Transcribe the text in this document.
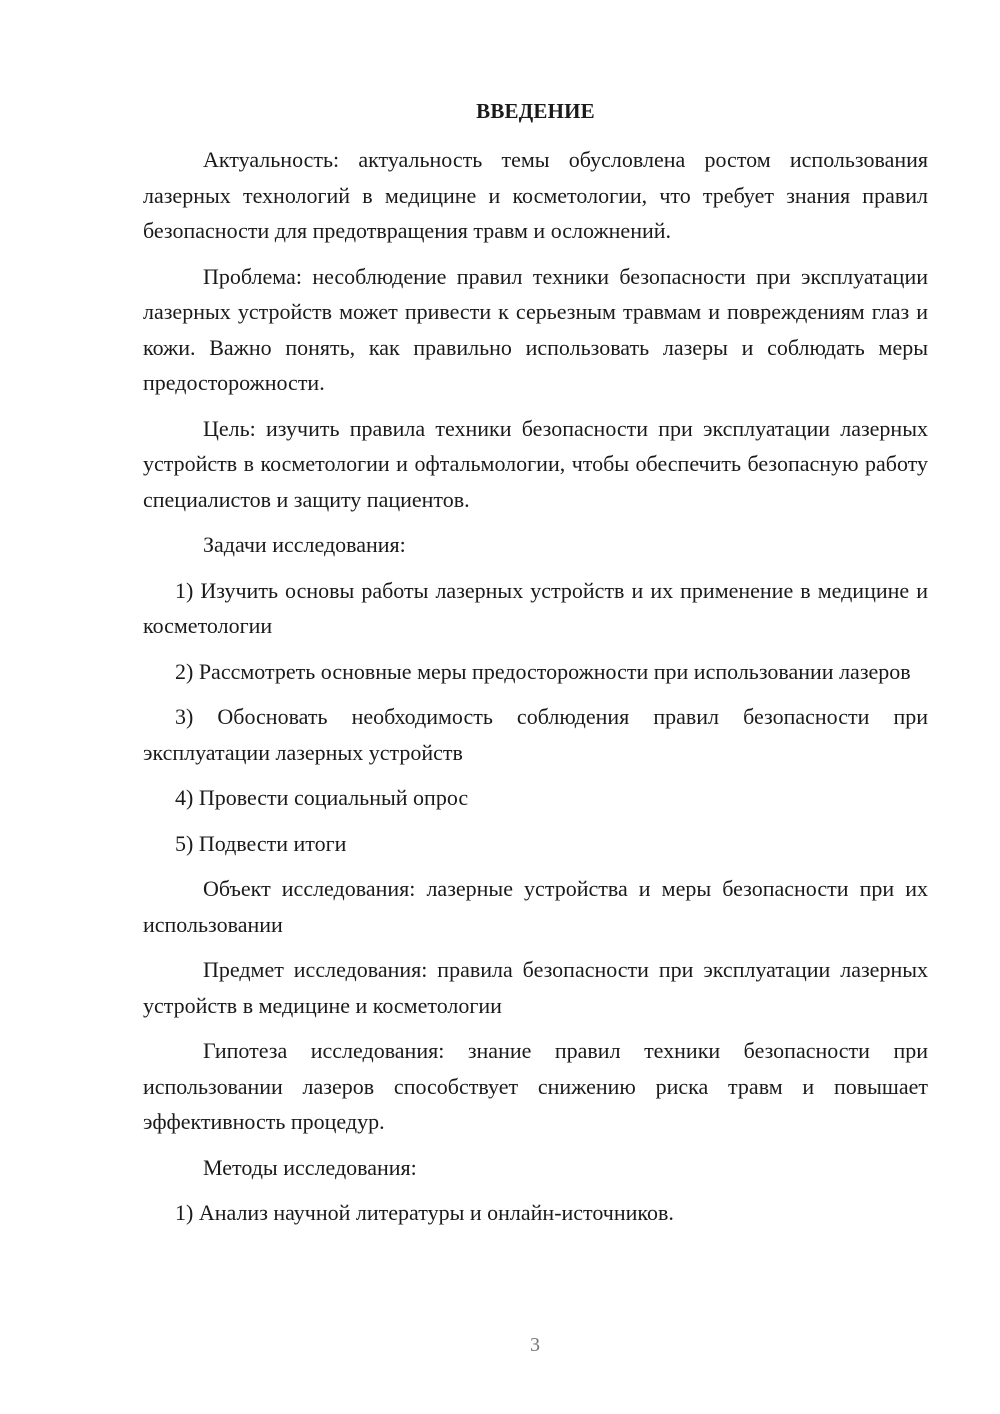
ВВЕДЕНИЕ

Актуальность: актуальность темы обусловлена ростом использования лазерных технологий в медицине и косметологии, что требует знания правил безопасности для предотвращения травм и осложнений.

Проблема: несоблюдение правил техники безопасности при эксплуатации лазерных устройств может привести к серьезным травмам и повреждениям глаз и кожи. Важно понять, как правильно использовать лазеры и соблюдать меры предосторожности.

Цель: изучить правила техники безопасности при эксплуатации лазерных устройств в косметологии и офтальмологии, чтобы обеспечить безопасную работу специалистов и защиту пациентов.

Задачи исследования:

1) Изучить основы работы лазерных устройств и их применение в медицине и косметологии

2) Рассмотреть основные меры предосторожности при использовании лазеров

3) Обосновать необходимость соблюдения правил безопасности при эксплуатации лазерных устройств

4) Провести социальный опрос

5) Подвести итоги

Объект исследования: лазерные устройства и меры безопасности при их использовании

Предмет исследования: правила безопасности при эксплуатации лазерных устройств в медицине и косметологии

Гипотеза исследования: знание правил техники безопасности при использовании лазеров способствует снижению риска травм и повышает эффективность процедур.

Методы исследования:

1) Анализ научной литературы и онлайн-источников.

3
